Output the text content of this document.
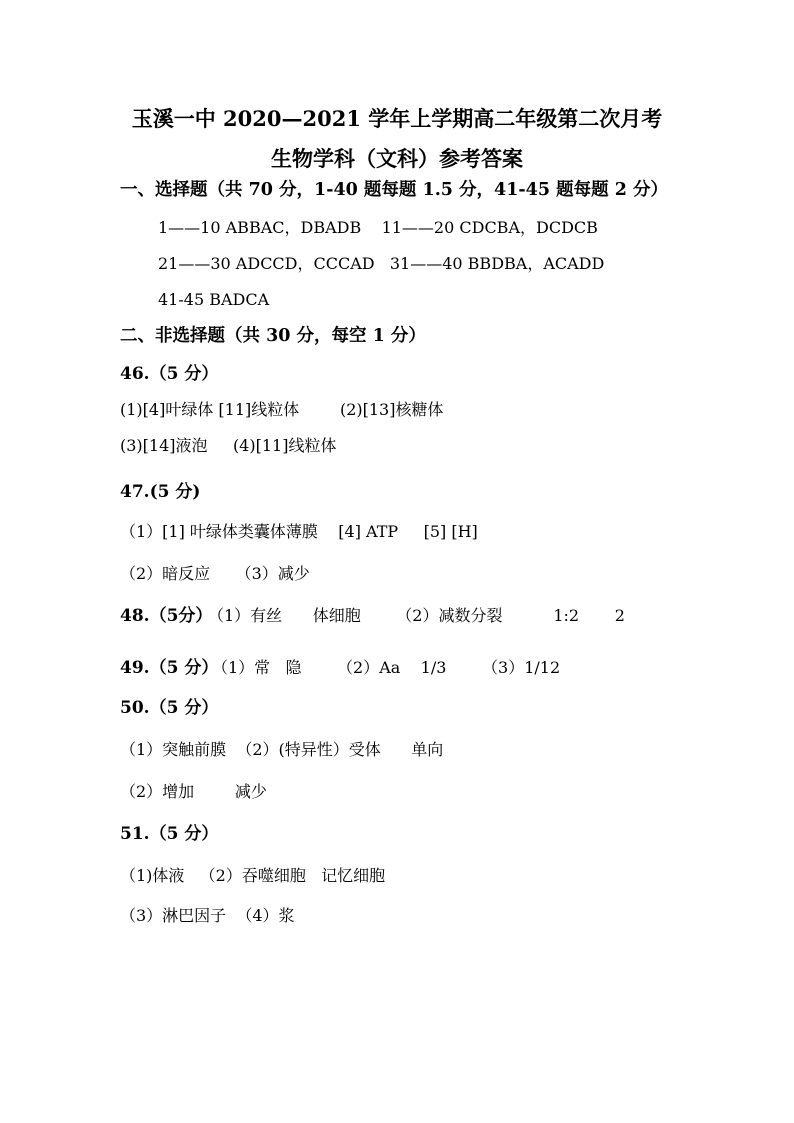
玉溪一中 2020—2021 学年上学期高二年级第二次月考
生物学科（文科）参考答案
一、选择题（共 70 分，1-40 题每题 1.5 分，41-45 题每题 2 分）
1——10 ABBAC，DBADB    11——20 CDCBA，DCDCB
21——30 ADCCD，CCCAD   31——40 BBDBA，ACADD
41-45 BADCA
二、非选择题（共 30 分，每空 1 分）
46.（5 分）
(1)[4]叶绿体 [11]线粒体        (2)[13]核糖体
(3)[14]液泡     (4)[11]线粒体
47.(5 分)
（1）[1] 叶绿体类囊体薄膜    [4] ATP     [5] [H]
（2）暗反应     （3）减少
48.（5分）
（1）有丝      体细胞       （2）减数分裂          1:2       2
49.（5 分）
（1）常   隐       （2）Aa    1/3       （3）1/12
50.（5 分）
（1）突触前膜  （2）(特异性）受体      单向
（2）增加        减少
51.（5 分）
（1)体液   （2）吞噬细胞   记忆细胞
（3）淋巴因子  （4）浆
